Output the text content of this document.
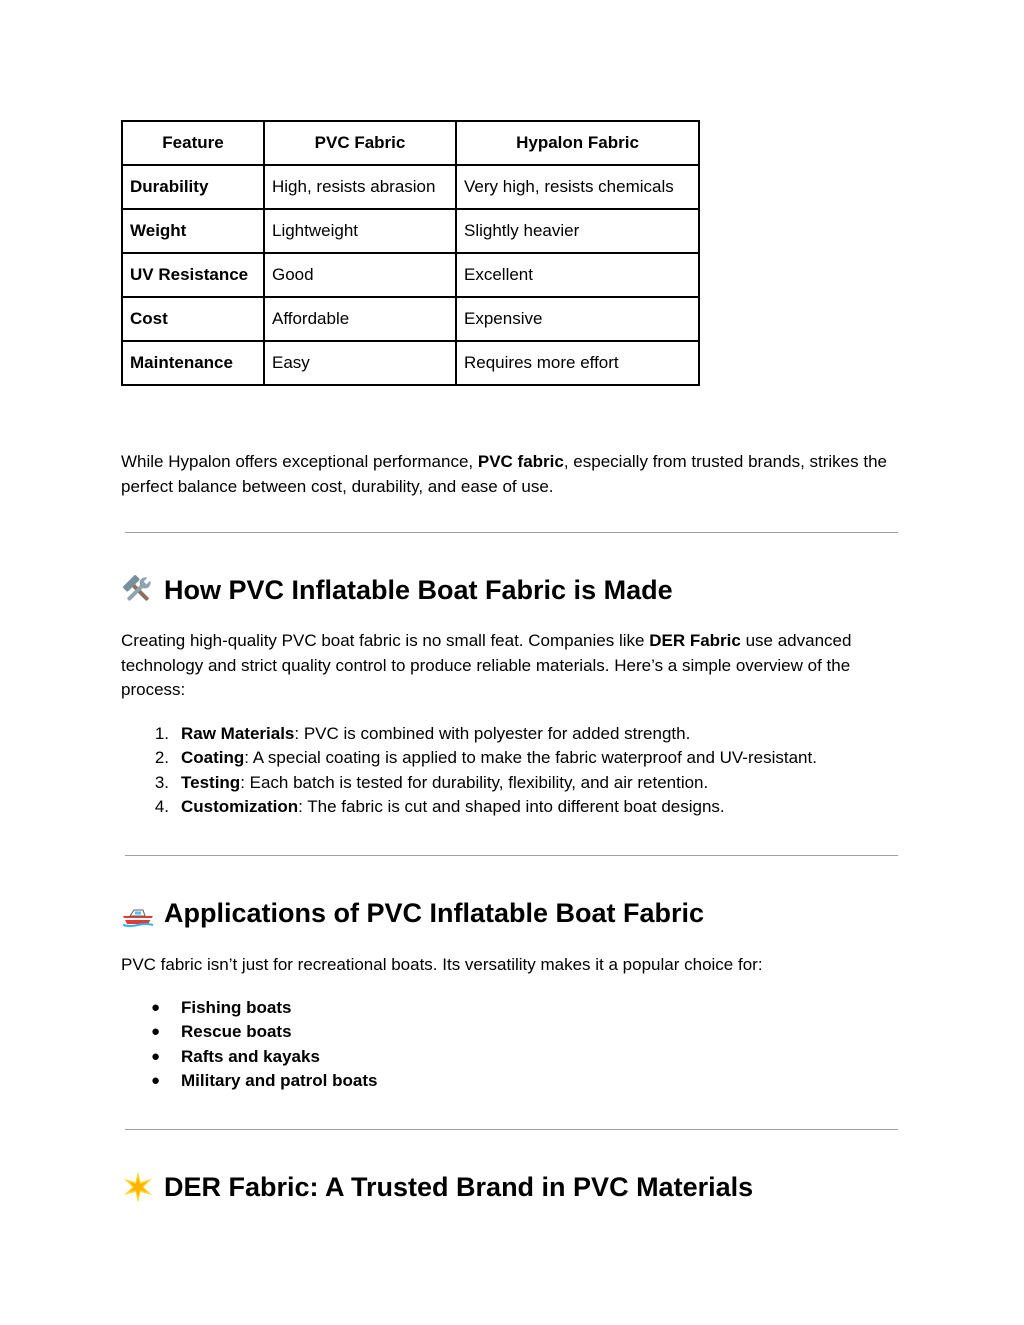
Feature	PVC Fabric	Hypalon Fabric
Durability	High, resists abrasion	Very high, resists chemicals
Weight	Lightweight	Slightly heavier
UV Resistance	Good	Excellent
Cost	Affordable	Expensive
Maintenance	Easy	Requires more effort

While Hypalon offers exceptional performance, PVC fabric, especially from trusted brands, strikes the perfect balance between cost, durability, and ease of use.

How PVC Inflatable Boat Fabric is Made

Creating high-quality PVC boat fabric is no small feat. Companies like DER Fabric use advanced technology and strict quality control to produce reliable materials. Here’s a simple overview of the process:

1. Raw Materials: PVC is combined with polyester for added strength.
2. Coating: A special coating is applied to make the fabric waterproof and UV-resistant.
3. Testing: Each batch is tested for durability, flexibility, and air retention.
4. Customization: The fabric is cut and shaped into different boat designs.
Applications of PVC Inflatable Boat Fabric

PVC fabric isn’t just for recreational boats. Its versatility makes it a popular choice for:

● Fishing boats
● Rescue boats
● Rafts and kayaks
● Military and patrol boats
DER Fabric: A Trusted Brand in PVC Materials
